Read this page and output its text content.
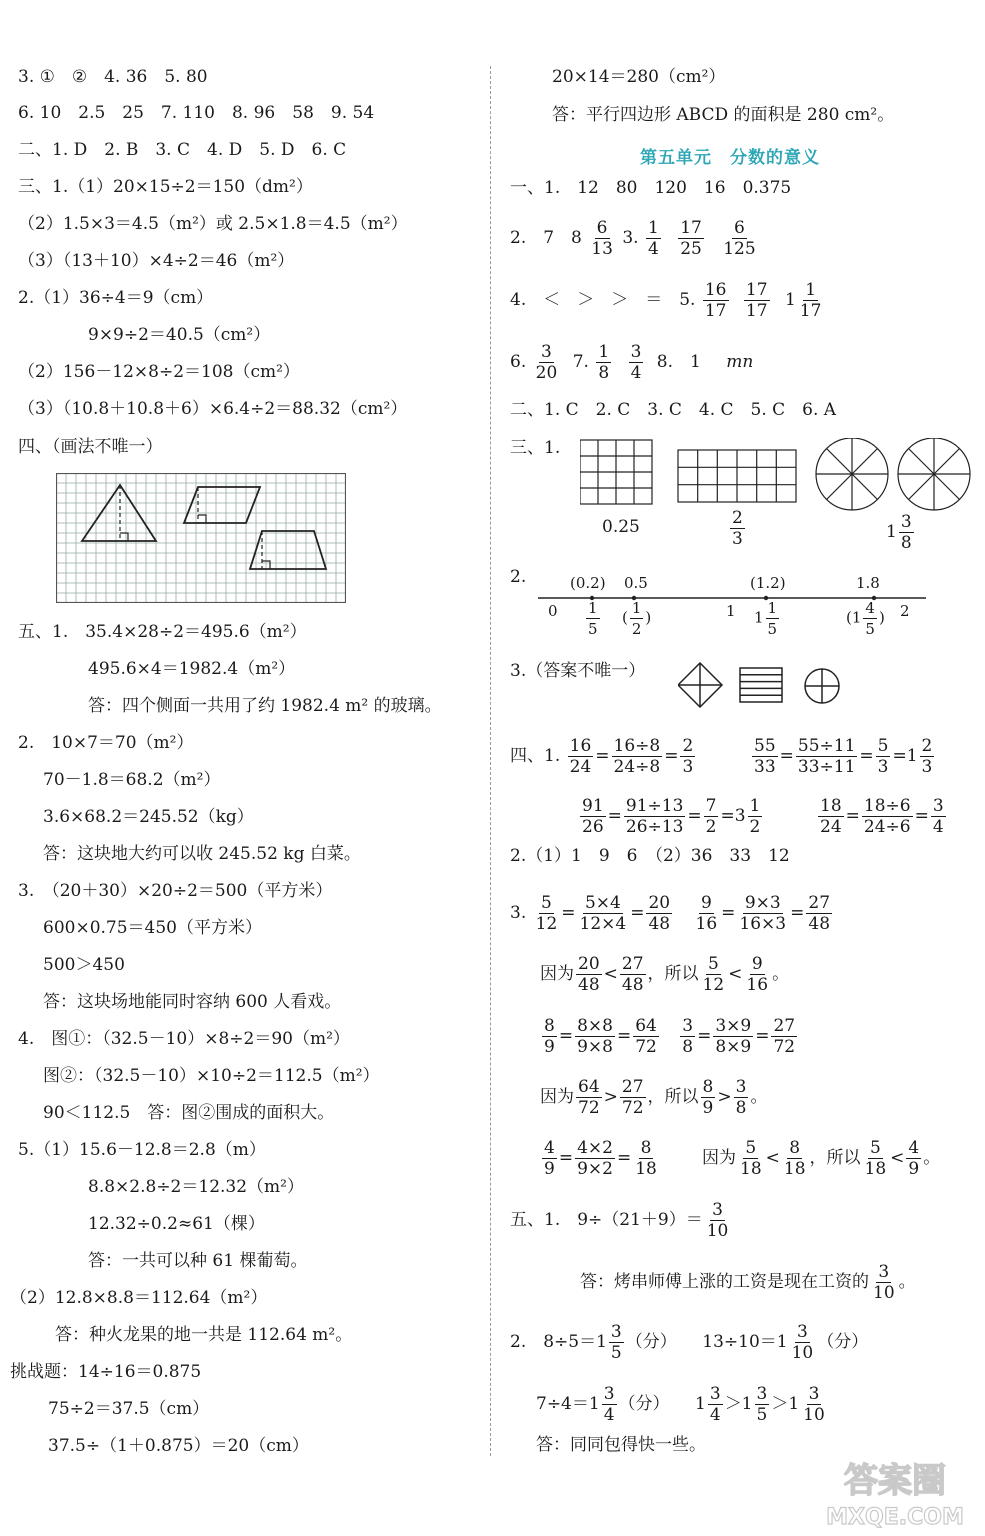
3. ①　②　4. 36　5. 80
6. 10　2.5　25　7. 110　8. 96　58　9. 54
二、1. D　2. B　3. C　4. D　5. D　6. C
三、1.（1）20×15÷2＝150（dm²）
（2）1.5×3＝4.5（m²）或 2.5×1.8＝4.5（m²）
（3）（13＋10）×4÷2＝46（m²）
2.（1）36÷4＝9（cm）
9×9÷2＝40.5（cm²）
（2）156－12×8÷2＝108（cm²）
（3）（10.8＋10.8＋6）×6.4÷2＝88.32（cm²）
四、（画法不唯一）
五、1.　35.4×28÷2＝495.6（m²）
495.6×4＝1982.4（m²）
答：四个侧面一共用了约 1982.4 m² 的玻璃。
2.　10×7＝70（m²）
70－1.8＝68.2（m²）
3.6×68.2＝245.52（kg）
答：这块地大约可以收 245.52 kg 白菜。
3.　（20＋30）×20÷2＝500（平方米）
600×0.75＝450（平方米）
500＞450
答：这块场地能同时容纳 600 人看戏。
4.　图①：（32.5－10）×8÷2＝90（m²）
图②：（32.5－10）×10÷2＝112.5（m²）
90＜112.5　答：图②围成的面积大。
5.（1）15.6－12.8＝2.8（m）
8.8×2.8÷2＝12.32（m²）
12.32÷0.2≈61（棵）
答：一共可以种 61 棵葡萄。
（2）12.8×8.8＝112.64（m²）
答：种火龙果的地一共是 112.64 m²。
挑战题：14÷16＝0.875
75÷2＝37.5（cm）
37.5÷（1＋0.875）＝20（cm）
20×14＝280（cm²）
答：平行四边形 ABCD 的面积是 280 cm²。
第五单元　分数的意义
一、1.　12　80　120　16　0.375
2.　7　$8 \frac{6}{13} 3$. $\frac{1}{4}$
$\frac{17}{25}$
$\frac{6}{125}$
4.　＜　＞　＞　＝　5. $\frac{16}{17}$
$\frac{17}{17} 1 \frac{1}{17}$
6. $\frac{3}{20} 7$. $\frac{1}{8}$
$\frac{3}{4} 8$.　1 mn
二、1. C　2. C　3. C　4. C　5. C　6. A
三、1.
0.25	$\frac{2}{3}$	$1 \frac{3}{8}$
2.	(0.2) 0.5	(1.2)	1.8
$0 \frac{1}{5}$ ( $\frac{1}{2}$ )	1 $1 \frac{1}{5}$	($1 \frac{4}{5}$ ) 2
3.（答案不唯一）
四、1. $\frac{16}{24} = \frac{16\div 8}{24\div 8} = \frac{2}{3}$	$\frac{55}{33} = \frac{55\div 11}{33\div 11} = \frac{5}{3} =1 \frac{2}{3}$
$\frac{91}{26} = \frac{91\div 13}{26\div 13} = \frac{7}{2} =3 \frac{1}{2}$	$\frac{18}{24} = \frac{18\div 6}{24\div 6} = \frac{3}{4}$
2.（1）1　9　6　（2）36　33　12
3. $\frac{5}{12} = \frac{5\times 4}{12\times 4} = \frac{20}{48}$
$\frac{9}{16} = \frac{9\times 3}{16\times 3} = \frac{27}{48}$
因为 $\frac{20}{48} < \frac{27}{48}$ ，所以 $\frac{5}{12} < \frac{9}{16}$ 。
$\frac{8}{9} = \frac{8\times 8}{9\times 8} = \frac{64}{72}$
$\frac{3}{8} = \frac{3\times 9}{8\times 9} = \frac{27}{72}$
因为 $\frac{64}{72} > \frac{27}{72}$ ，所以 $\frac{8}{9} > \frac{3}{8}$ 。
$\frac{4}{9} = \frac{4\times 2}{9\times 2} = \frac{8}{18}$	因为 $\frac{5}{18} < \frac{8}{18}$ ，所以 $\frac{5}{18} < \frac{4}{9}$ 。
五、1.　$9\div(21+9)= \frac{3}{10}$
答：烤串师傅上涨的工资是现在工资的 $\frac{3}{10}$ 。
2.　$8\div 5=1 \frac{3}{5}$ （分）　　$13\div 10=1 \frac{3}{10}$ （分）
$7\div 4=1 \frac{3}{4}$ （分）　　$1 \frac{3}{4} >1 \frac{3}{5} >1 \frac{3}{10}$
答：同同包得快一些。
答案圈
MXQE.COM
